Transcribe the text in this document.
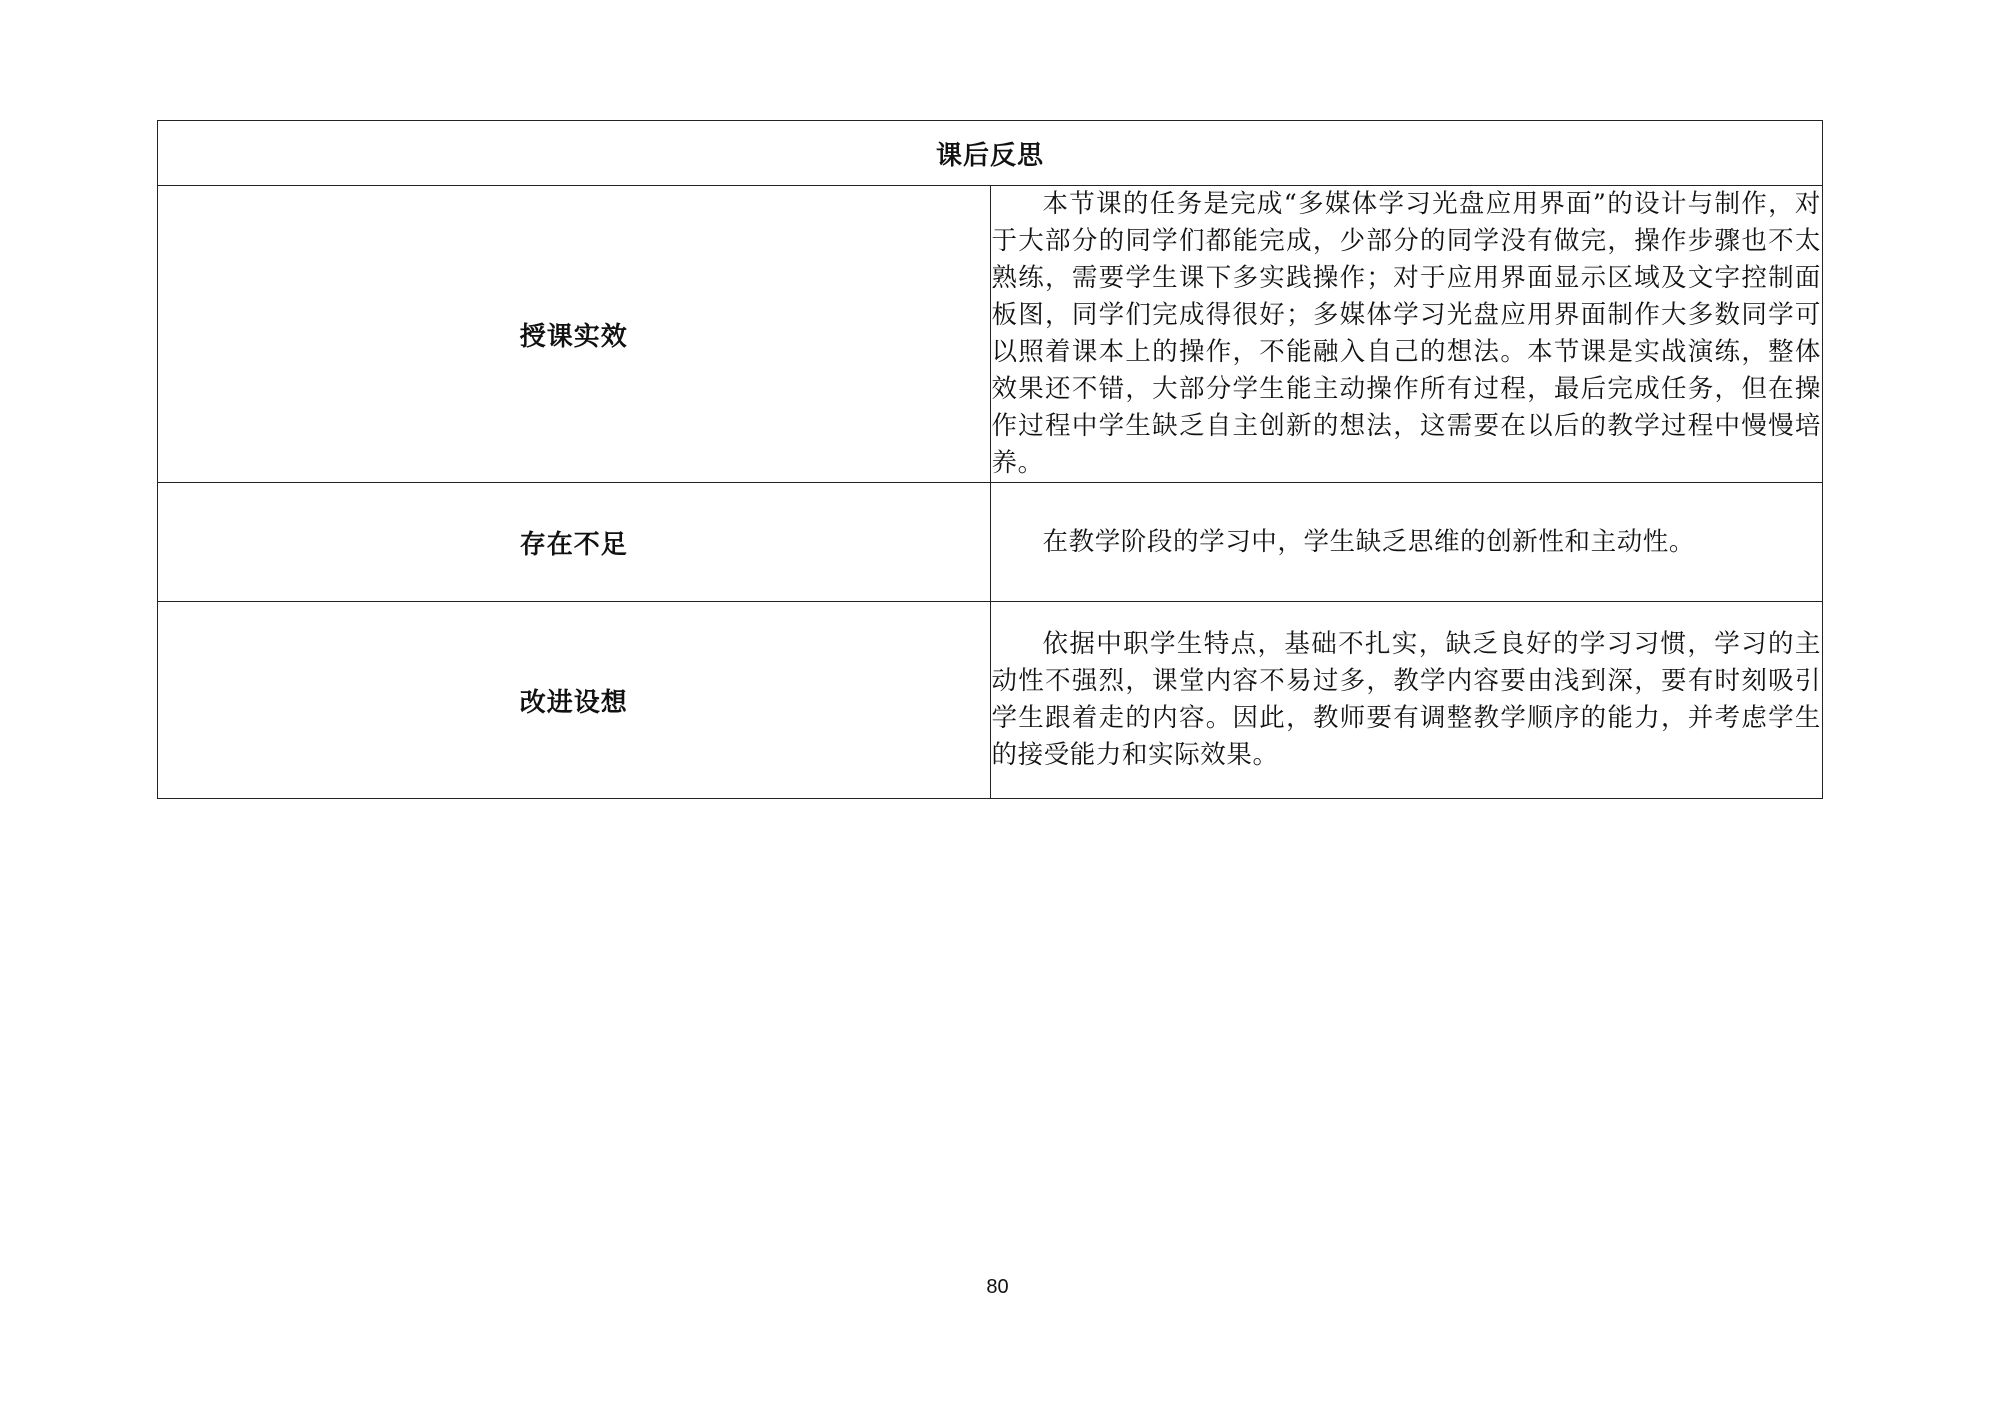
课后反思	
授课实效	本节课的任务是完成“多媒体学习光盘应用界面”的设计与制作，对于大部分的同学们都能完成，少部分的同学没有做完，操作步骤也不太熟练，需要学生课下多实践操作；对于应用界面显示区域及文字控制面板图，同学们完成得很好；多媒体学习光盘应用界面制作大多数同学可以照着课本上的操作，不能融入自己的想法。本节课是实战演练，整体效果还不错，大部分学生能主动操作所有过程，最后完成任务，但在操作过程中学生缺乏自主创新的想法，这需要在以后的教学过程中慢慢培养。
存在不足	在教学阶段的学习中，学生缺乏思维的创新性和主动性。
改进设想	依据中职学生特点，基础不扎实，缺乏良好的学习习惯，学习的主动性不强烈，课堂内容不易过多，教学内容要由浅到深，要有时刻吸引学生跟着走的内容。因此，教师要有调整教学顺序的能力，并考虑学生的接受能力和实际效果。
80
